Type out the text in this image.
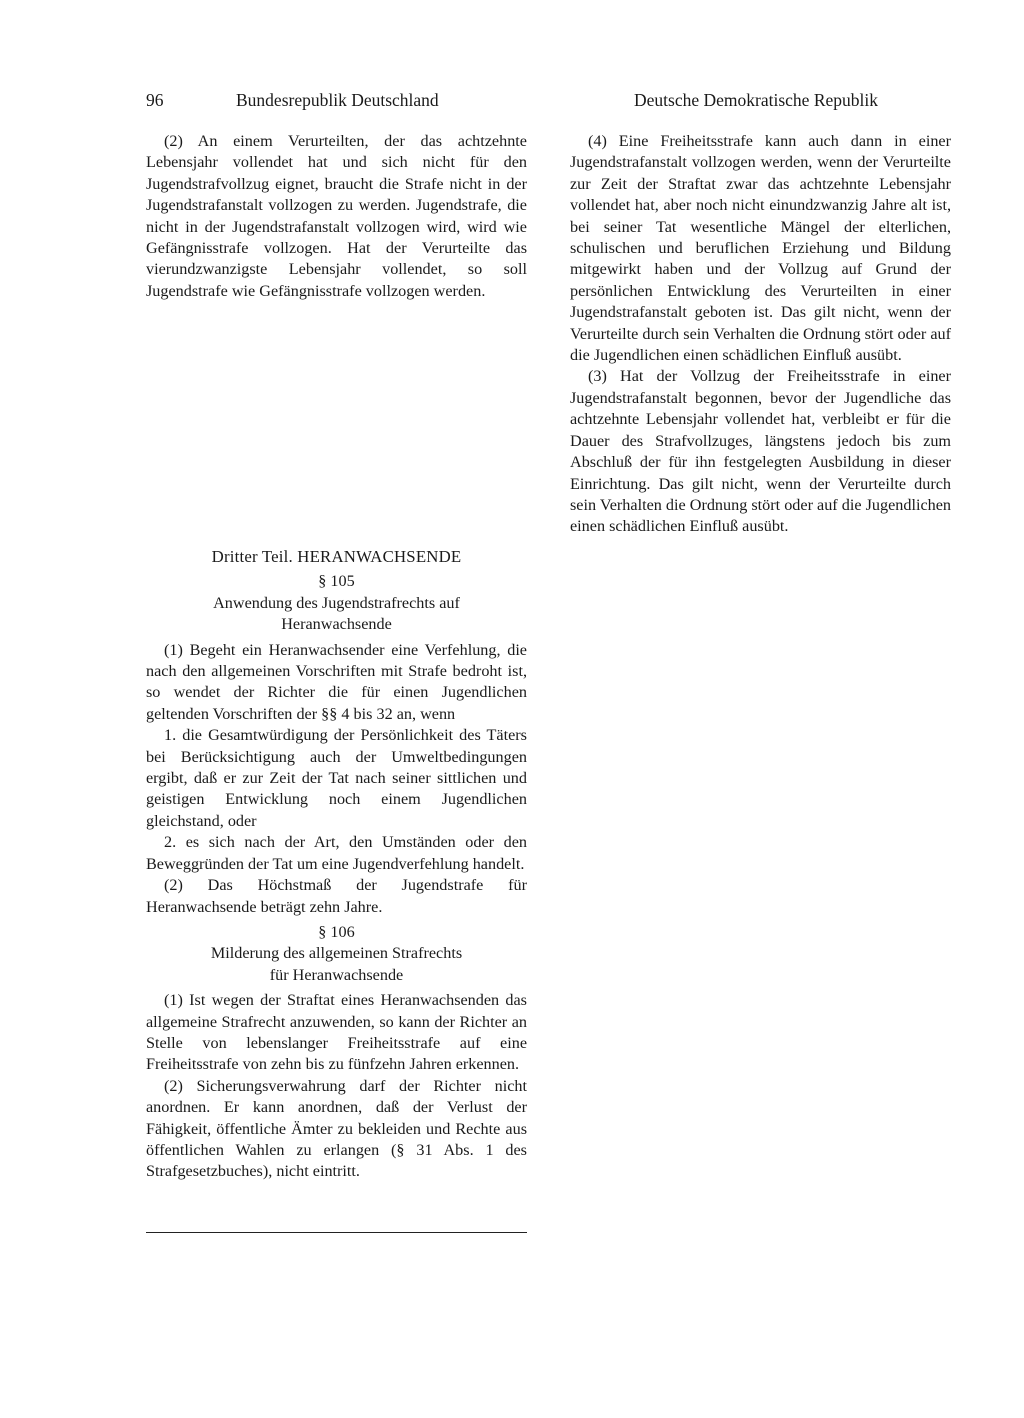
96	Bundesrepublik Deutschland	Deutsche Demokratische Republik

(2) An einem Verurteilten, der das achtzehnte Lebensjahr vollendet hat und sich nicht für den Jugendstrafvollzug eignet, braucht die Strafe nicht in der Jugendstrafanstalt vollzogen zu werden. Jugendstrafe, die nicht in der Jugendstrafanstalt vollzogen wird, wird wie Gefängnisstrafe vollzogen. Hat der Verurteilte das vierundzwanzigste Lebensjahr vollendet, so soll Jugendstrafe wie Gefängnisstrafe vollzogen werden.

Dritter Teil. HERANWACHSENDE

§ 105

Anwendung des Jugendstrafrechts auf

Heranwachsende

(1) Begeht ein Heranwachsender eine Verfehlung, die nach den allgemeinen Vorschriften mit Strafe bedroht ist, so wendet der Richter die für einen Jugendlichen geltenden Vorschriften der §§ 4 bis 32 an, wenn

1. die Gesamtwürdigung der Persönlichkeit des Täters bei Berücksichtigung auch der Umweltbedingungen ergibt, daß er zur Zeit der Tat nach seiner sittlichen und geistigen Entwicklung noch einem Jugendlichen gleichstand, oder

2. es sich nach der Art, den Umständen oder den Beweggründen der Tat um eine Jugendverfehlung handelt.

(2) Das Höchstmaß der Jugendstrafe für Heranwachsende beträgt zehn Jahre.

§ 106

Milderung des allgemeinen Strafrechts

für Heranwachsende

(1) Ist wegen der Straftat eines Heranwachsenden das allgemeine Strafrecht anzuwenden, so kann der Richter an Stelle von lebenslanger Freiheitsstrafe auf eine Freiheitsstrafe von zehn bis zu fünfzehn Jahren erkennen.

(2) Sicherungsverwahrung darf der Richter nicht anordnen. Er kann anordnen, daß der Verlust der Fähigkeit, öffentliche Ämter zu bekleiden und Rechte aus öffentlichen Wahlen zu erlangen (§ 31 Abs. 1 des Strafgesetzbuches), nicht eintritt.

(4) Eine Freiheitsstrafe kann auch dann in einer Jugendstrafanstalt vollzogen werden, wenn der Verurteilte zur Zeit der Straftat zwar das achtzehnte Lebensjahr vollendet hat, aber noch nicht einundzwanzig Jahre alt ist, bei seiner Tat wesentliche Mängel der elterlichen, schulischen und beruflichen Erziehung und Bildung mitgewirkt haben und der Vollzug auf Grund der persönlichen Entwicklung des Verurteilten in einer Jugendstrafanstalt geboten ist. Das gilt nicht, wenn der Verurteilte durch sein Verhalten die Ordnung stört oder auf die Jugendlichen einen schädlichen Einfluß ausübt.

(3) Hat der Vollzug der Freiheitsstrafe in einer Jugendstrafanstalt begonnen, bevor der Jugendliche das achtzehnte Lebensjahr vollendet hat, verbleibt er für die Dauer des Strafvollzuges, längstens jedoch bis zum Abschluß der für ihn festgelegten Ausbildung in dieser Einrichtung. Das gilt nicht, wenn der Verurteilte durch sein Verhalten die Ordnung stört oder auf die Jugendlichen einen schädlichen Einfluß ausübt.
